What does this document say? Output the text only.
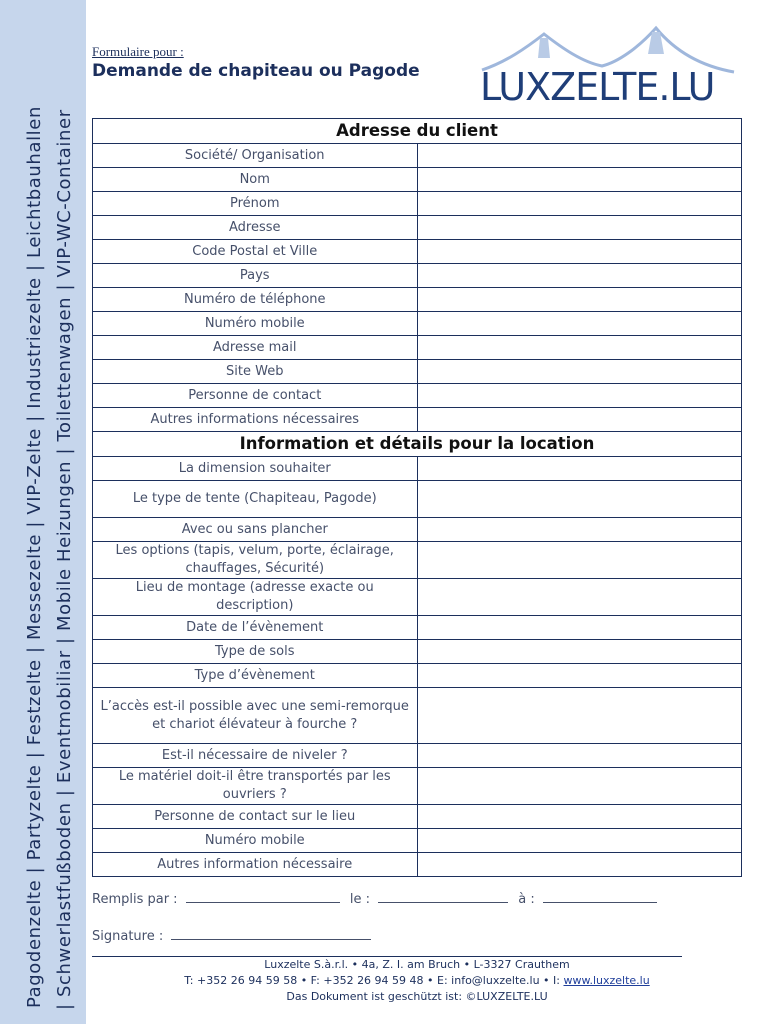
Pagodenzelte | Partyzelte | Festzelte | Messezelte | VIP-Zelte | Industriezelte | Leichtbauhallen | Schwerlastfußboden | Eventmobiliar | Mobile Heizungen | Toilettenwagen | VIP-WC-Container
Formulaire pour :
Demande de chapiteau ou Pagode LUXZELTE.LU
Adresse du client	
Société/ Organisation	
Nom	
Prénom	
Adresse	
Code Postal et Ville	
Pays	
Numéro de téléphone	
Numéro mobile	
Adresse mail	
Site Web	
Personne de contact	
Autres informations nécessaires	
Information et détails pour la location	
La dimension souhaiter	
Le type de tente (Chapiteau, Pagode)	
Avec ou sans plancher	
Les options (tapis, velum, porte, éclairage, chauffages, Sécurité)	
Lieu de montage (adresse exacte ou description)	
Date de l’évènement	
Type de sols	
Type d’évènement	
L’accès est-il possible avec une semi-remorque et chariot élévateur à fourche ?	
Est-il nécessaire de niveler ?	
Le matériel doit-il être transportés par les ouvriers ?	
Personne de contact sur le lieu	
Numéro mobile	
Autres information nécessaire	
Remplis par :	le :	à :
Signature :
Luxzelte S.à.r.l. • 4a, Z. I. am Bruch • L-3327 Crauthem
T: +352 26 94 59 58 • F: +352 26 94 59 48 • E: info@luxzelte.lu • I: www.luxzelte.lu
Das Dokument ist geschützt ist: ©LUXZELTE.LU
